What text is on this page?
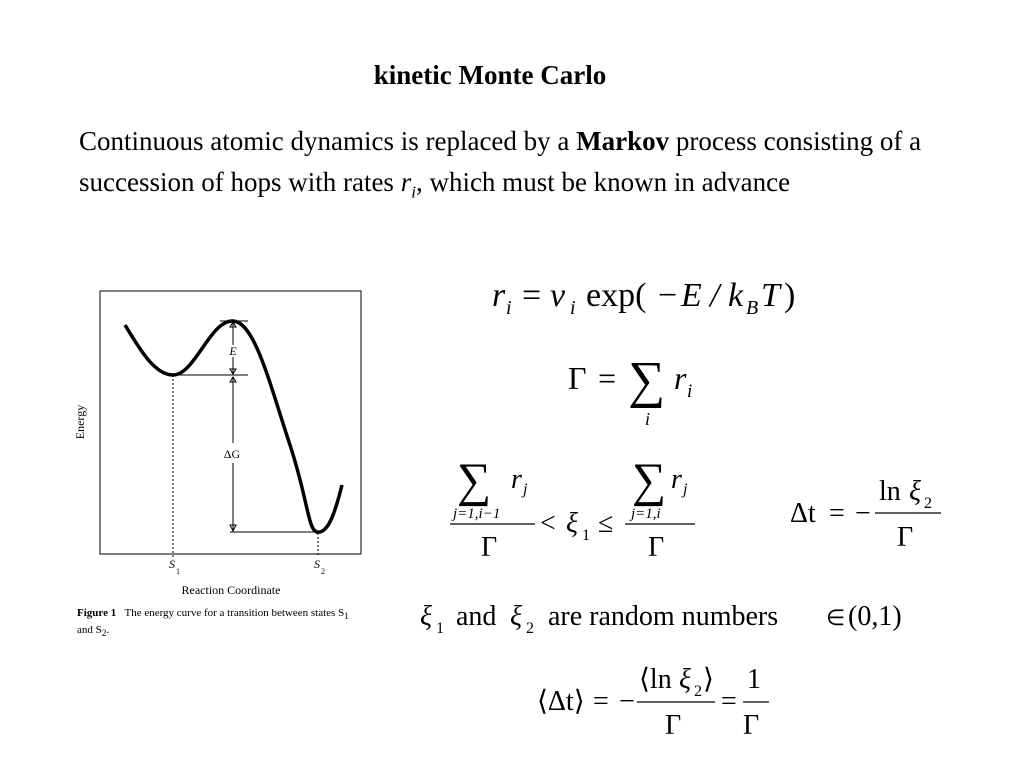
kinetic Monte Carlo
Continuous atomic dynamics is replaced by a Markov process consisting of a succession of hops with rates $r_i$, which must be known in advance
E
ΔG
Energy
S
1
S
2
Reaction Coordinate
Figure 1 The energy curve for a transition between states $S_1$
and $S_2$.
r i = ν i exp( − E / k B T )
Γ = ∑
i
r i
∑
j=1,i−1
r j
Γ
< ξ 1 ≤
∑
j=1,i
r j
Γ
Δt = −
ln ξ 2
Γ
ξ 1 and ξ 2 are random numbers ∈ (0,1)
⟨Δt⟩ = −
⟨ln ξ 2 ⟩
Γ
=
1
Γ
